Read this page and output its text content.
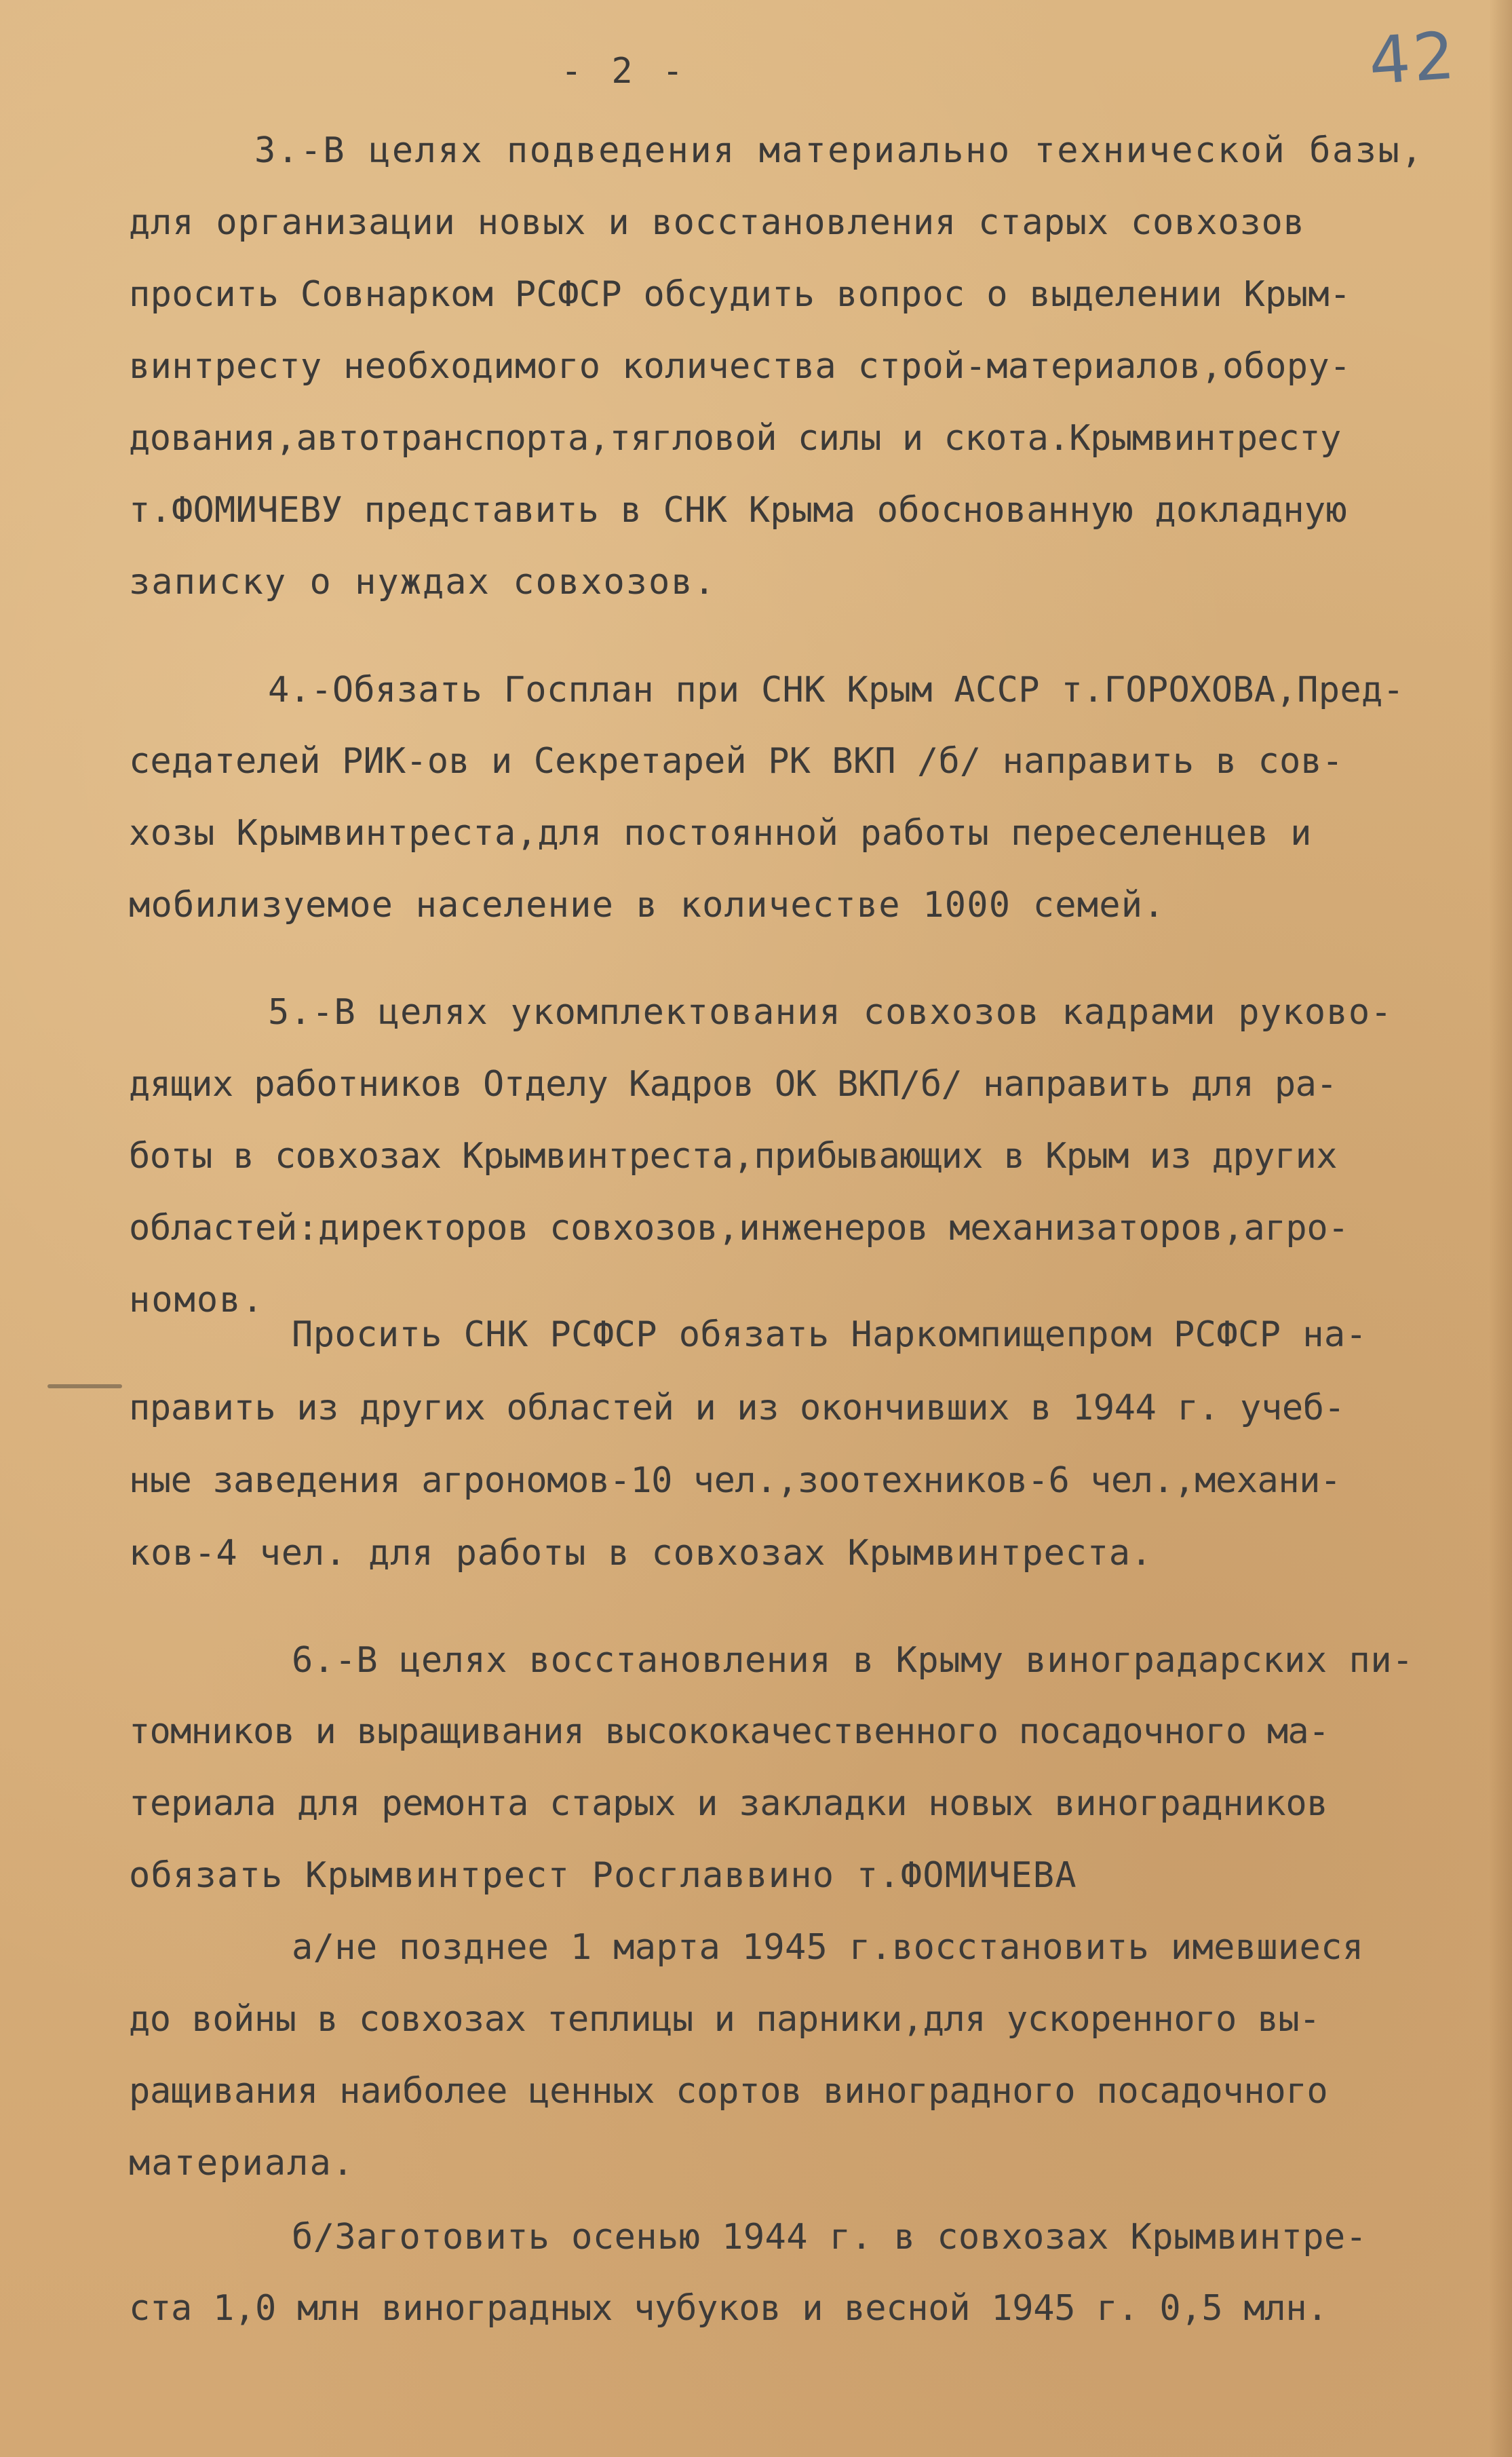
- 2 -	42
3.-В целях подведения материально технической базы,
для организации новых и восстановления старых совхозов
просить Совнарком РСФСР обсудить вопрос о выделении Крым-
винтресту необходимого количества строй-материалов,обору-
дования,автотранспорта,тягловой силы и скота.Крымвинтресту
т.ФОМИЧЕВУ представить в СНК Крыма обоснованную докладную
записку о нуждах совхозов.
4.-Обязать Госплан при СНК Крым АССР т.ГОРОХОВА,Пред-
седателей РИК-ов и Секретарей РК ВКП /б/ направить в сов-
хозы Крымвинтреста,для постоянной работы переселенцев и
мобилизуемое население в количестве 1000 семей.
5.-В целях укомплектования совхозов кадрами руково-
дящих работников Отделу Кадров ОК ВКП/б/ направить для ра-
боты в совхозах Крымвинтреста,прибывающих в Крым из других
областей:директоров совхозов,инженеров механизаторов,агро-
номов.
Просить СНК РСФСР обязать Наркомпищепром РСФСР на-
править из других областей и из окончивших в 1944 г. учеб-
ные заведения агрономов-10 чел.,зоотехников-6 чел.,механи-
ков-4 чел. для работы в совхозах Крымвинтреста.
6.-В целях восстановления в Крыму виноградарских пи-
томников и выращивания высококачественного посадочного ма-
териала для ремонта старых и закладки новых виноградников
обязать Крымвинтрест Росглаввино т.ФОМИЧЕВА
а/не позднее 1 марта 1945 г.восстановить имевшиеся
до войны в совхозах теплицы и парники,для ускоренного вы-
ращивания наиболее ценных сортов виноградного посадочного
материала.
б/Заготовить осенью 1944 г. в совхозах Крымвинтре-
ста 1,0 млн виноградных чубуков и весной 1945 г. 0,5 млн.
